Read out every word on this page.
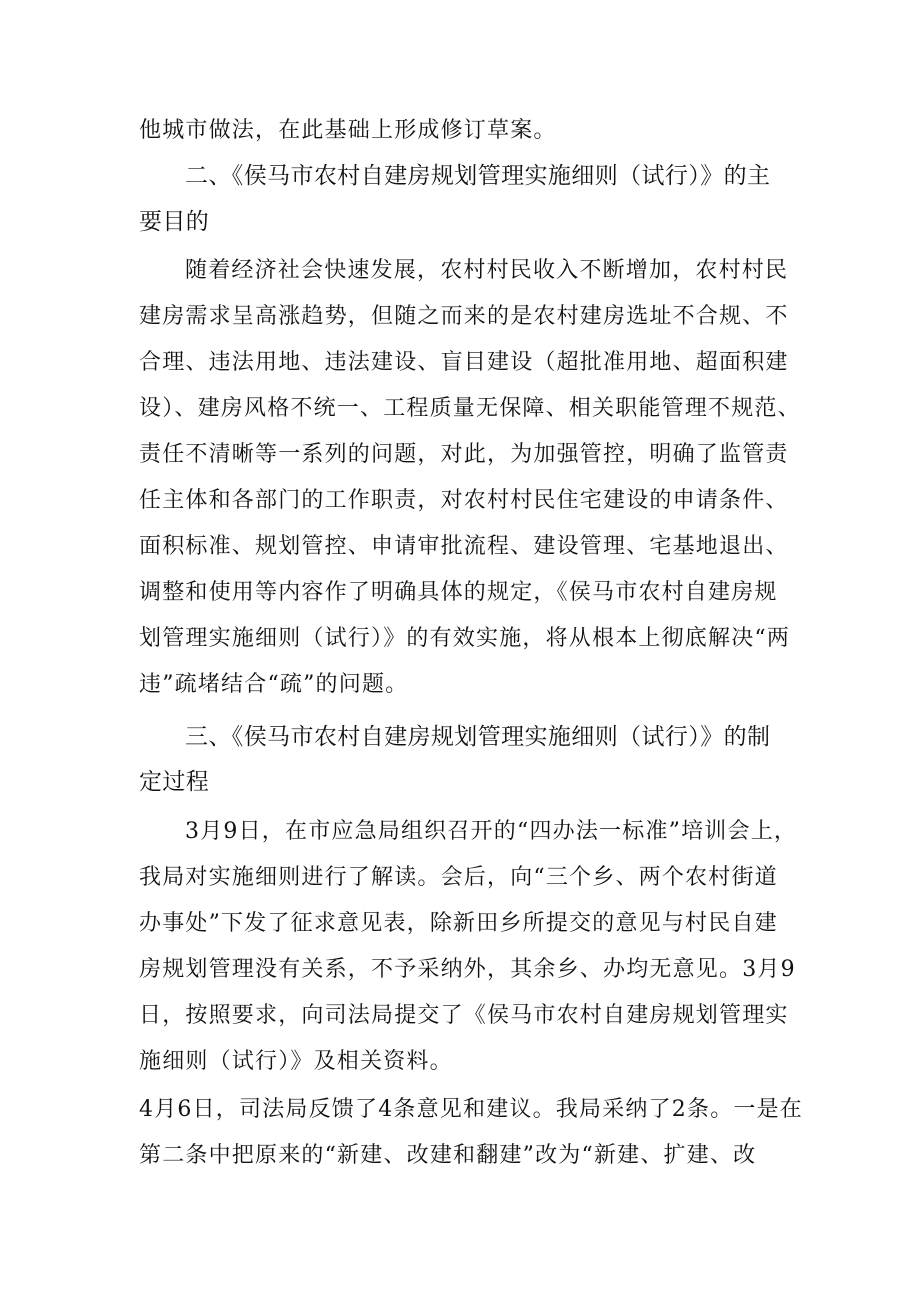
他城市做法，在此基础上形成修订草案。
二、《侯马市农村自建房规划管理实施细则（试行）》的主
要目的
随着经济社会快速发展，农村村民收入不断增加，农村村民
建房需求呈高涨趋势，但随之而来的是农村建房选址不合规、不
合理、违法用地、违法建设、盲目建设（超批准用地、超面积建
设）、建房风格不统一、工程质量无保障、相关职能管理不规范、
责任不清晰等一系列的问题，对此，为加强管控，明确了监管责
任主体和各部门的工作职责，对农村村民住宅建设的申请条件、
面积标准、规划管控、申请审批流程、建设管理、宅基地退出、
调整和使用等内容作了明确具体的规定，《侯马市农村自建房规
划管理实施细则（试行）》的有效实施，将从根本上彻底解决“两
违”疏堵结合“疏”的问题。
三、《侯马市农村自建房规划管理实施细则（试行）》的制
定过程
3月9日，在市应急局组织召开的“四办法一标准”培训会上，
我局对实施细则进行了解读。会后，向“三个乡、两个农村街道
办事处”下发了征求意见表，除新田乡所提交的意见与村民自建
房规划管理没有关系，不予采纳外，其余乡、办均无意见。3月9
日，按照要求，向司法局提交了《侯马市农村自建房规划管理实
施细则（试行）》及相关资料。
4月6日，司法局反馈了4条意见和建议。我局采纳了2条。一是在
第二条中把原来的“新建、改建和翻建”改为“新建、扩建、改
